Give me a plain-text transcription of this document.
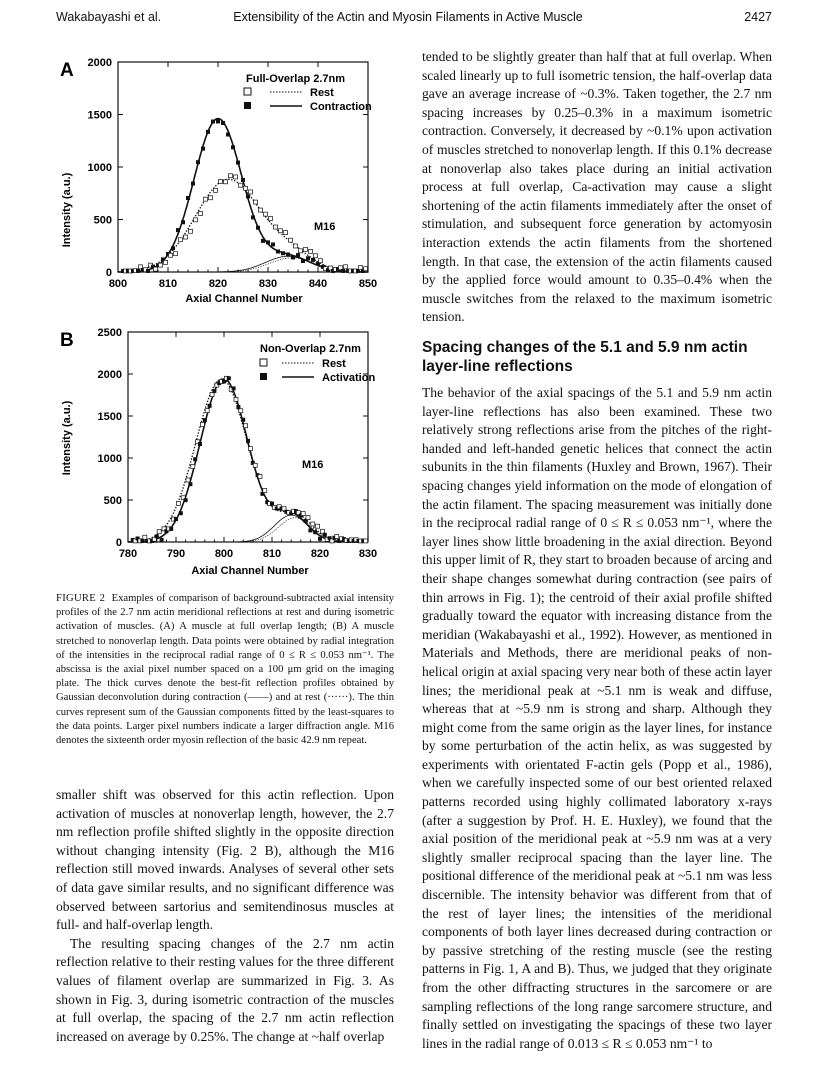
Wakabayashi et al.	Extensibility of the Actin and Myosin Filaments in Active Muscle	2427
A
Intensity (a.u.)
Axial Channel Number
800	810	820	830	840	850
0
500
1000
1500
2000
Full-Overlap 2.7nm
Rest
Contraction
M16
B
Intensity (a.u.)
Axial Channel Number
780	790	800	810	820	830
0
500
1000
1500
2000
2500
Non-Overlap 2.7nm
Rest
Activation
M16
FIGURE 2 Examples of comparison of background-subtracted axial intensity profiles of the 2.7 nm actin meridional reflections at rest and during isometric activation of muscles. (A) A muscle at full overlap length; (B) A muscle stretched to nonoverlap length. Data points were obtained by radial integration of the intensities in the reciprocal radial range of 0 ≤ R ≤ 0.053 nm⁻¹. The abscissa is the axial pixel number spaced on a 100 μm grid on the imaging plate. The thick curves denote the best-fit reflection profiles obtained by Gaussian deconvolution during contraction (——) and at rest (······). The thin curves represent sum of the Gaussian components fitted by the least-squares to the data points. Larger pixel numbers indicate a larger diffraction angle. M16 denotes the sixteenth order myosin reflection of the basic 42.9 nm repeat.

smaller shift was observed for this actin reflection. Upon activation of muscles at nonoverlap length, however, the 2.7 nm reflection profile shifted slightly in the opposite direction without changing intensity (Fig. 2 B), although the M16 reflection still moved inwards. Analyses of several other sets of data gave similar results, and no significant difference was observed between sartorius and semitendinosus muscles at full- and half-overlap length.

The resulting spacing changes of the 2.7 nm actin reflection relative to their resting values for the three different values of filament overlap are summarized in Fig. 3. As shown in Fig. 3, during isometric contraction of the muscles at full overlap, the spacing of the 2.7 nm actin reflection increased on average by 0.25%. The change at ~half overlap

tended to be slightly greater than half that at full overlap. When scaled linearly up to full isometric tension, the half-overlap data gave an average increase of ~0.3%. Taken together, the 2.7 nm spacing increases by 0.25–0.3% in a maximum isometric contraction. Conversely, it decreased by ~0.1% upon activation of muscles stretched to nonoverlap length. If this 0.1% decrease at nonoverlap also takes place during an initial activation process at full overlap, Ca-activation may cause a slight shortening of the actin filaments immediately after the onset of stimulation, and subsequent force generation by actomyosin interaction extends the actin filaments from the shortened length. In that case, the extension of the actin filaments caused by the applied force would amount to 0.35–0.4% when the muscle switches from the relaxed to the maximum isometric tension.

Spacing changes of the 5.1 and 5.9 nm actin layer-line reflections

The behavior of the axial spacings of the 5.1 and 5.9 nm actin layer-line reflections has also been examined. These two relatively strong reflections arise from the pitches of the right-handed and left-handed genetic helices that connect the actin subunits in the thin filaments (Huxley and Brown, 1967). Their spacing changes yield information on the mode of elongation of the actin filament. The spacing measurement was initially done in the reciprocal radial range of 0 ≤ R ≤ 0.053 nm⁻¹, where the layer lines show little broadening in the axial direction. Beyond this upper limit of R, they start to broaden because of arcing and their shape changes somewhat during contraction (see pairs of thin arrows in Fig. 1); the centroid of their axial profile shifted gradually toward the equator with increasing distance from the meridian (Wakabayashi et al., 1992). However, as mentioned in Materials and Methods, there are meridional peaks of non-helical origin at axial spacing very near both of these actin layer lines; the meridional peak at ~5.1 nm is weak and diffuse, whereas that at ~5.9 nm is strong and sharp. Although they might come from the same origin as the layer lines, for instance by some perturbation of the actin helix, as was suggested by experiments with orientated F-actin gels (Popp et al., 1986), when we carefully inspected some of our best oriented relaxed patterns recorded using highly collimated laboratory x-rays (after a suggestion by Prof. H. E. Huxley), we found that the axial position of the meridional peak at ~5.9 nm was at a very slightly smaller reciprocal spacing than the layer line. The positional difference of the meridional peak at ~5.1 nm was less discernible. The intensity behavior was different from that of the rest of layer lines; the intensities of the meridional components of both layer lines decreased during contraction or by passive stretching of the resting muscle (see the resting patterns in Fig. 1, A and B). Thus, we judged that they originate from the other diffracting structures in the sarcomere or are sampling reflections of the long range sarcomere structure, and finally settled on investigating the spacings of these two layer lines in the radial range of 0.013 ≤ R ≤ 0.053 nm⁻¹ to
